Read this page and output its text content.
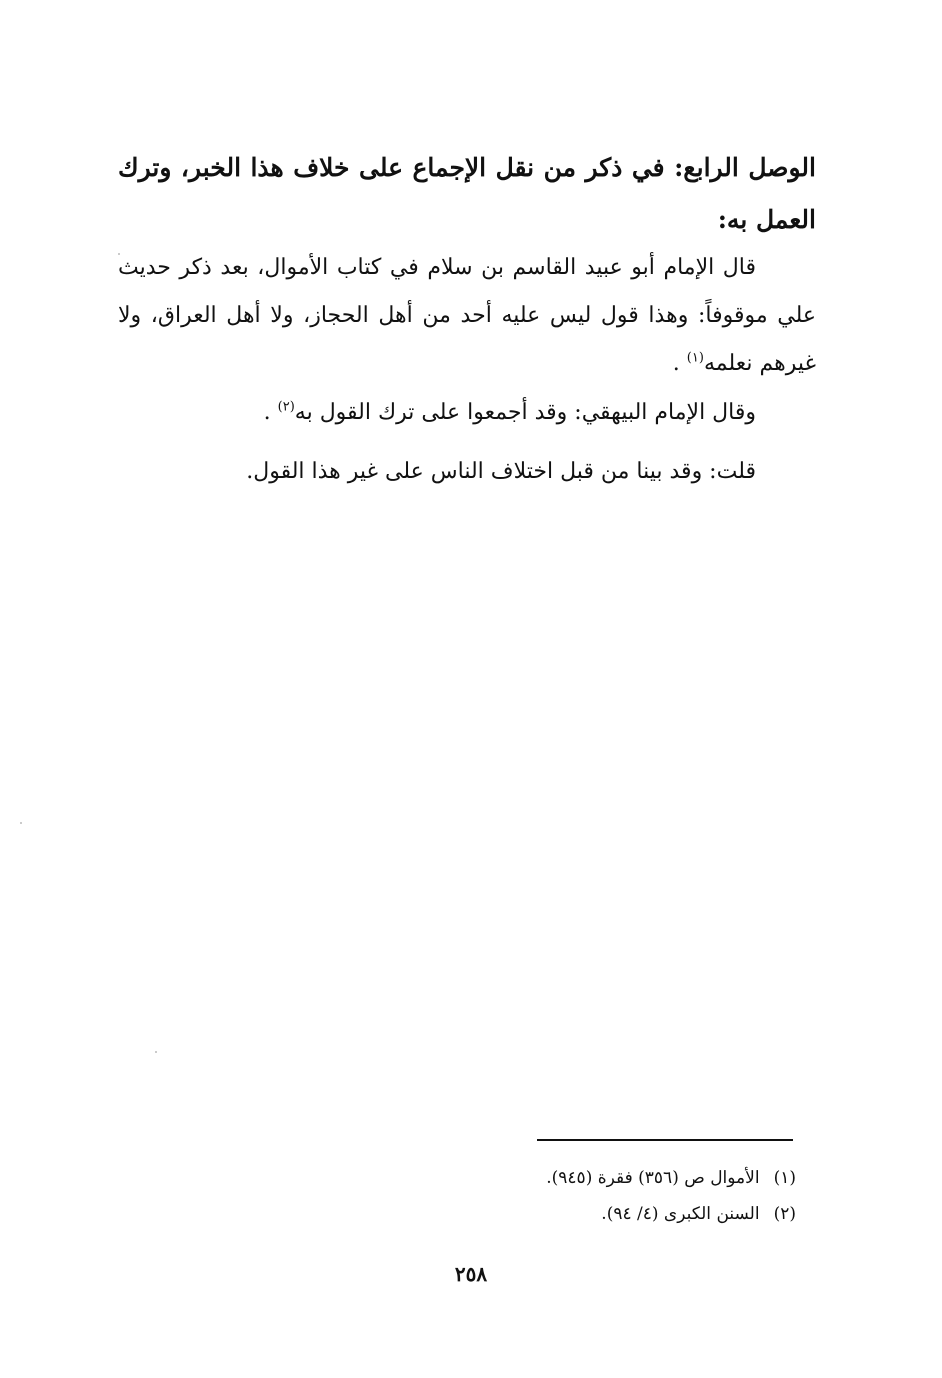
الوصل الرابع: في ذكر من نقل الإجماع على خلاف هذا الخبر، وترك العمل به:
قال الإمام أبو عبيد القاسم بن سلام في كتاب الأموال، بعد ذكر حديث علي موقوفاً: وهذا قول ليس عليه أحد من أهل الحجاز، ولا أهل العراق، ولا غيرهم نعلمه$^{(١)}$ .
وقال الإمام البيهقي: وقد أجمعوا على ترك القول به$^{(٢)}$ .
قلت: وقد بينا من قبل اختلاف الناس على غير هذا القول.
(١)الأموال ص (٣٥٦) فقرة (٩٤٥).
(٢)السنن الكبرى (٤/ ٩٤).
٢٥٨
